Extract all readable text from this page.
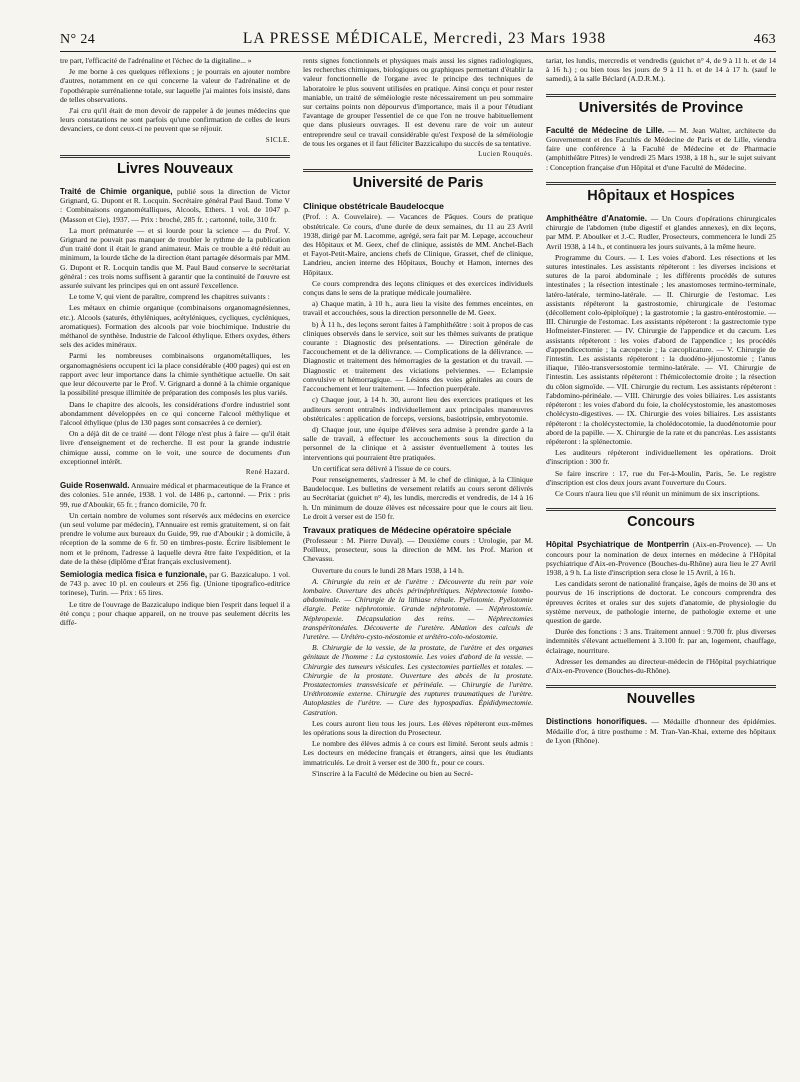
N° 24	LA PRESSE MÉDICALE, Mercredi, 23 Mars 1938	463

tre part, l'efficacité de l'adrénaline et l'échec de la digitaline... »

Je me borne à ces quelques réflexions ; je pourrais en ajouter nombre d'autres, notamment en ce qui concerne la valeur de l'adrénaline et de l'opothérapie surrénalienne totale, sur laquelle j'ai maintes fois insisté, dans de telles observations.

J'ai cru qu'il était de mon devoir de rappeler à de jeunes médecins que leurs constatations ne sont parfois qu'une confirmation de celles de leurs devanciers, ce dont ceux-ci ne peuvent que se réjouir.

SICLE.
Livres Nouveaux

Traité de Chimie organique, publié sous la direction de Victor Grignard, G. Dupont et R. Locquin. Secrétaire général Paul Baud. Tome V : Combinaisons organométalliques, Alcools, Ethers. 1 vol. de 1047 p. (Masson et Cie), 1937. — Prix : broché, 285 fr. ; cartonné, toile, 310 fr.

La mort prématurée — et si lourde pour la science — du Prof. V. Grignard ne pouvait pas manquer de troubler le rythme de la publication d'un traité dont il était le grand animateur. Mais ce trouble a été réduit au minimum, la lourde tâche de la direction étant partagée désormais par MM. G. Dupont et R. Locquin tandis que M. Paul Baud conserve le secrétariat général : ces trois noms suffisent à garantir que la continuité de l'œuvre est assurée suivant les principes qui en ont assuré l'excellence.

Le tome V, qui vient de paraître, comprend les chapitres suivants :

Les métaux en chimie organique (combinaisons organomagnésiennes, etc.). Alcools (saturés, éthyléniques, acétyléniques, cycliques, cycléniques, aromatiques). Formation des alcools par voie biochimique. Industrie du méthanol de synthèse. Industrie de l'alcool éthylique. Ethers oxydes, éthers sels des acides minéraux.

Parmi les nombreuses combinaisons organométalliques, les organomagnésiens occupent ici la place considérable (400 pages) qui est en rapport avec leur importance dans la chimie synthétique actuelle. On sait que leur découverte par le Prof. V. Grignard a donné à la chimie organique la possibilité presque illimitée de préparation des composés les plus variés.

Dans le chapitre des alcools, les considérations d'ordre industriel sont abondamment développées en ce qui concerne l'alcool méthylique et l'alcool éthylique (plus de 130 pages sont consacrées à ce dernier).

On a déjà dit de ce traité — dont l'éloge n'est plus à faire — qu'il était livre d'enseignement et de recherche. Il est pour la grande industrie chimique aussi, comme on le voit, une source de documents d'un exceptionnel intérêt.

René Hazard.

Guide Rosenwald. Annuaire médical et pharmaceutique de la France et des colonies. 51e année, 1938. 1 vol. de 1486 p., cartonné. — Prix : pris 99, rue d'Aboukir, 65 fr. ; franco domicile, 70 fr.

Un certain nombre de volumes sont réservés aux médecins en exercice (un seul volume par médecin), l'Annuaire est remis gratuitement, si on fait prendre le volume aux bureaux du Guide, 99, rue d'Aboukir ; à domicile, à réception de la somme de 6 fr. 50 en timbres-poste. Écrire lisiblement le nom et le prénom, l'adresse à laquelle devra être faite l'expédition, et la date de la thèse (diplôme d'État français exclusivement).

Semiologia medica fisica e funzionale, par G. Bazzicalupo. 1 vol. de 743 p. avec 10 pl. en couleurs et 256 fig. (Unione tipografico-editrice torinese), Turin. — Prix : 65 lires.

Le titre de l'ouvrage de Bazzicalupo indique bien l'esprit dans lequel il a été conçu ; pour chaque appareil, on ne trouve pas seulement décrits les diffé-

rents signes fonctionnels et physiques mais aussi les signes radiologiques, les recherches chimiques, biologiques ou graphiques permettant d'établir la valeur fonctionnelle de l'organe avec le principe des techniques de laboratoire le plus souvent utilisées en pratique. Ainsi conçu et pour rester maniable, un traité de séméiologie reste nécessairement un peu sommaire sur certains points non dépourvus d'importance, mais il a pour l'étudiant l'avantage de grouper l'essentiel de ce que l'on ne trouve habituellement que dans plusieurs ouvrages. Il est devenu rare de voir un auteur entreprendre seul ce travail considérable qu'est l'exposé de la séméiologie de tous les organes et il faut féliciter Bazzicalupo du succès de sa tentative.

Lucien Rouquès.
Université de Paris
Clinique obstétricale Baudelocque

(Prof. : A. Couvelaire). — Vacances de Pâques. Cours de pratique obstétricale. Ce cours, d'une durée de deux semaines, du 11 au 23 Avril 1938, dirigé par M. Lacomme, agrégé, sera fait par M. Lepage, accoucheur des Hôpitaux et M. Geex, chef de clinique, assistés de MM. Anchel-Bach et Fayot-Petit-Maire, anciens chefs de Clinique, Grasset, chef de clinique, Landrieu, ancien interne des Hôpitaux, Bouchy et Hamon, internes des Hôpitaux.

Ce cours comprendra des leçons cliniques et des exercices individuels conçus dans le sens de la pratique médicale journalière.

a) Chaque matin, à 10 h., aura lieu la visite des femmes enceintes, en travail et accouchées, sous la direction personnelle de M. Geex.

b) À 11 h., des leçons seront faites à l'amphithéâtre : soit à propos de cas cliniques observés dans le service, soit sur les thèmes suivants de pratique courante : Diagnostic des présentations. — Direction générale de l'accouchement et de la délivrance. — Complications de la délivrance. — Diagnostic et traitement des hémorragies de la gestation et du travail. — Diagnostic et traitement des viciations pelviennes. — Eclampsie convulsive et hémorragique. — Lésions des voies génitales au cours de l'accouchement et leur traitement. — Infection puerpérale.

c) Chaque jour, à 14 h. 30, auront lieu des exercices pratiques et les auditeurs seront entraînés individuellement aux principales manœuvres obstétricales : application de forceps, versions, basiotripsie, embryotomie.

d) Chaque jour, une équipe d'élèves sera admise à prendre garde à la salle de travail, à effectuer les accouchements sous la direction du personnel de la clinique et à assister éventuellement à toutes les interventions qui pourraient être pratiquées.

Un certificat sera délivré à l'issue de ce cours.

Pour renseignements, s'adresser à M. le chef de clinique, à la Clinique Baudelocque. Les bulletins de versement relatifs au cours seront délivrés au Secrétariat (guichet n° 4), les lundis, mercredis et vendredis, de 14 à 16 h. Un minimum de douze élèves est nécessaire pour que le cours ait lieu. Le droit à verser est de 150 fr.

Travaux pratiques de Médecine opératoire spéciale

(Professeur : M. Pierre Duval). — Deuxième cours : Urologie, par M. Poilleux, prosecteur, sous la direction de MM. les Prof. Marion et Chevassu.

Ouverture du cours le lundi 28 Mars 1938, à 14 h.

A. Chirurgie du rein et de l'urètre : Découverte du rein par voie lombaire. Ouverture des abcès périnéphrétiques. Néphrectomie lombo-abdominale. — Chirurgie de la lithiase rénale. Pyélotomie. Pyélotomie élargie. Petite néphrotomie. Grande néphrotomie. — Néphrostomie. Néphropexie. Décapsulation des reins. — Néphrectomies transpéritonéales. Découverte de l'uretère. Ablation des calculs de l'uretère. — Urétéro-cysto-néostomie et urétéro-colo-néostomie.

B. Chirurgie de la vessie, de la prostate, de l'urètre et des organes génitaux de l'homme : La cystostomie. Les voies d'abord de la vessie. — Chirurgie des tumeurs vésicales. Les cystectomies partielles et totales. — Chirurgie de la prostate. Ouverture des abcès de la prostate. Prostatectomies transvésicale et périnéale. — Chirurgie de l'urètre. Uréthrotomie externe. Chirurgie des ruptures traumatiques de l'urètre. Autoplasties de l'urètre. — Cure des hypospadias. Épididymectomie. Castration.

Les cours auront lieu tous les jours. Les élèves répéteront eux-mêmes les opérations sous la direction du Prosecteur.

Le nombre des élèves admis à ce cours est limité. Seront seuls admis : Les docteurs en médecine français et étrangers, ainsi que les étudiants immatriculés. Le droit à verser est de 300 fr., pour ce cours.

S'inscrire à la Faculté de Médecine ou bien au Secré-

tariat, les lundis, mercredis et vendredis (guichet n° 4, de 9 à 11 h. et de 14 à 16 h.) ; ou bien tous les jours de 9 à 11 h. et de 14 à 17 h. (sauf le samedi), à la salle Béclard (A.D.R.M.).

Universités de Province

Faculté de Médecine de Lille. — M. Jean Walter, architecte du Gouvernement et des Facultés de Médecine de Paris et de Lille, viendra faire une conférence à la Faculté de Médecine et de Pharmacie (amphithéâtre Pitres) le vendredi 25 Mars 1938, à 18 h., sur le sujet suivant : Conception française d'un Hôpital et d'une Faculté de Médecine.

Hôpitaux et Hospices

Amphithéâtre d'Anatomie. — Un Cours d'opérations chirurgicales chirurgie de l'abdomen (tube digestif et glandes annexes), en dix leçons, par MM. P. Aboulker et J.-C. Rudler, Prosecteurs, commencera le lundi 25 Avril 1938, à 14 h., et continuera les jours suivants, à la même heure.

Programme du Cours. — I. Les voies d'abord. Les résections et les sutures intestinales. Les assistants répéteront : les diverses incisions et sutures de la paroi abdominale ; les différents procédés de sutures intestinales ; la résection intestinale ; les anastomoses termino-terminale, latéro-latérale, termino-latérale. — II. Chirurgie de l'estomac. Les assistants répéteront la gastrostomie, chirurgicale de l'estomac (décollement colo-épiploïque) ; la gastrotomie ; la gastro-entérostomie. — III. Chirurgie de l'estomac. Les assistants répéteront : la gastrectomie type Hofmeister-Finsterer. — IV. Chirurgie de l'appendice et du cæcum. Les assistants répéteront : les voies d'abord de l'appendice ; les procédés d'appendicectomie ; la cæcopexie ; la cæcoplicature. — V. Chirurgie de l'intestin. Les assistants répéteront : la duodéno-jéjunostomie ; l'anus iliaque, l'iléo-transversostomie termino-latérale. — VI. Chirurgie de l'intestin. Les assistants répéteront : l'hémicolectomie droite ; la résection du côlon sigmoïde. — VII. Chirurgie du rectum. Les assistants répéteront : l'abdomino-périnéale. — VIII. Chirurgie des voies biliaires. Les assistants répéteront : les voies d'abord du foie, la cholécystostomie, les anastomoses cholécysto-digestives. — IX. Chirurgie des voies biliaires. Les assistants répéteront : la cholécystectomie, la cholédocotomie, la duodénotomie pour abord de la papille. — X. Chirurgie de la rate et du pancréas. Les assistants répéteront : la splénectomie.

Les auditeurs répéteront individuellement les opérations. Droit d'inscription : 300 fr.

Se faire inscrire : 17, rue du Fer-à-Moulin, Paris, 5e. Le registre d'inscription est clos deux jours avant l'ouverture du Cours.

Ce Cours n'aura lieu que s'il réunit un minimum de six inscriptions.

Concours

Hôpital Psychiatrique de Montperrin (Aix-en-Provence). — Un concours pour la nomination de deux internes en médecine à l'Hôpital psychiatrique d'Aix-en-Provence (Bouches-du-Rhône) aura lieu le 27 Avril 1938, à 9 h. La liste d'inscription sera close le 15 Avril, à 16 h.

Les candidats seront de nationalité française, âgés de moins de 30 ans et pourvus de 16 inscriptions de doctorat. Le concours comprendra des épreuves écrites et orales sur des sujets d'anatomie, de physiologie du système nerveux, de pathologie interne, de pathologie externe et une question de garde.

Durée des fonctions : 3 ans. Traitement annuel : 9.700 fr. plus diverses indemnités s'élevant actuellement à 3.100 fr. par an, logement, chauffage, éclairage, nourriture.

Adresser les demandes au directeur-médecin de l'Hôpital psychiatrique d'Aix-en-Provence (Bouches-du-Rhône).

Nouvelles

Distinctions honorifiques. — Médaille d'honneur des épidémies. Médaille d'or, à titre posthume : M. Tran-Van-Khai, externe des hôpitaux de Lyon (Rhône).
